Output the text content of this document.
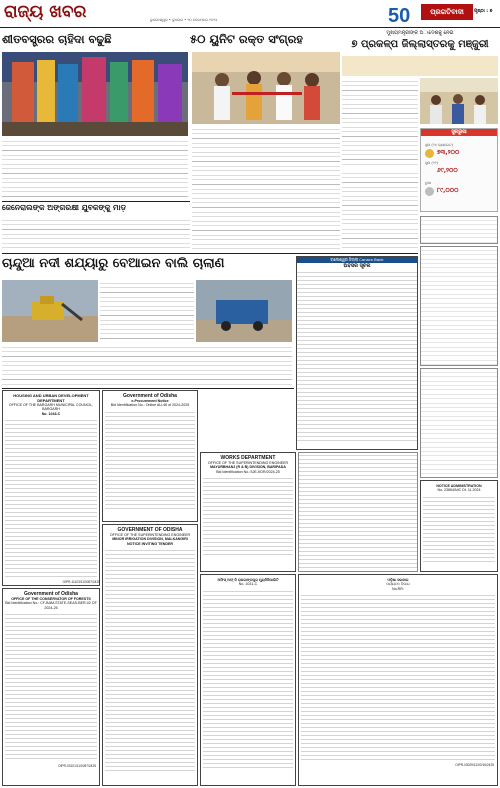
ରାଜ୍ୟ ଖବର	ଭୁବନେଶ୍ୱର • ବୁଧବାର • ୨୦ ନଭେମ୍ବର ୨୦୨୪	50	ପ୍ରଗତିବାଦୀ	ପୃଷ୍ଠା : ୭
ଶୀତବସ୍ତ୍ରର ଚାହିଦା ବଢୁଛି	୫୦ ୟୁନିଟ ରକ୍ତ ସଂଗ୍ରହ	ମୁଖ୍ୟମନ୍ତ୍ରୀଙ୍କ ଅାଦେଶକୁ ନେଇ
୭ ପ୍ରକଳ୍ପ ଜିଲ୍ଲାସ୍ତରକୁ ମଞ୍ଜୁରୀ
ସୁନାରୁପା
ସୁନା (୨୪ କ୍ୟାରେଟ)
୭୩,୨୦୦
ସୁନା (୨୨)
୬୯,୨୦୦
ରୁପା
୮୯,୦୦୦
ଜେନେରାଲଙ୍କ ଅଙ୍ଗରକ୍ଷୀ ଯୁବକଙ୍କୁ ମାଡ଼
ଚାନ୍ଦୁଆ ନଦୀ ଶଯ୍ୟାରୁ ବେଆଇନ ବାଲି ଚାଲାଣ	ବାଲେଶ୍ୱର ଜିଲ୍ଲା Canara Bank
ଅବସର ସୂଚନା
HOUSING AND URBAN DEVELOPMENT DEPARTMENT
OFFICE OF THE BARGARH MUNICIPAL COUNCIL, BARGARH
No. 1043-C
Government of Odisha
e-Procurement Notice
Bid Identification No.: Online AU-46 of 2024-2025
WORKS DEPARTMENT
OFFICE OF THE SUPERINTENDING ENGINEER
MAYURBHANJ (R & B) DIVISION, BARIPADA
Bid Identification No.:SJE-KDR/2024-25
Government of Odisha
OFFICE OF THE CONSERVATOR OF FORESTS
Bid Identification No.: CF-BAM-STATE-SEAS-BER-02 OF 2024-25
OIPR-03101/11/0057/2425
GOVERNMENT OF ODISHA
OFFICE OF THE SUPERINTENDING ENGINEER
MINOR IRRIGATION DIVISION, MALKANGIRI
NOTICE INVITING TENDER
ଅଫିସ୍ ଅଫ୍ ଦି ରାଜଗାଙ୍ଗପୁର ମ୍ୟୁନିସିପାଲିଟି
No. 1031-C
ଓଡ଼ିଶା ସରକାର
ପର୍ଯ୍ୟଟନ ବିଭାଗ
No.RR:
OIPR-03029/11/00/16/2425
NOTICE ADMINISTRATION
No. 23854/NIC Dt. 11.2024
OIPR-11103/11/0057/2425
